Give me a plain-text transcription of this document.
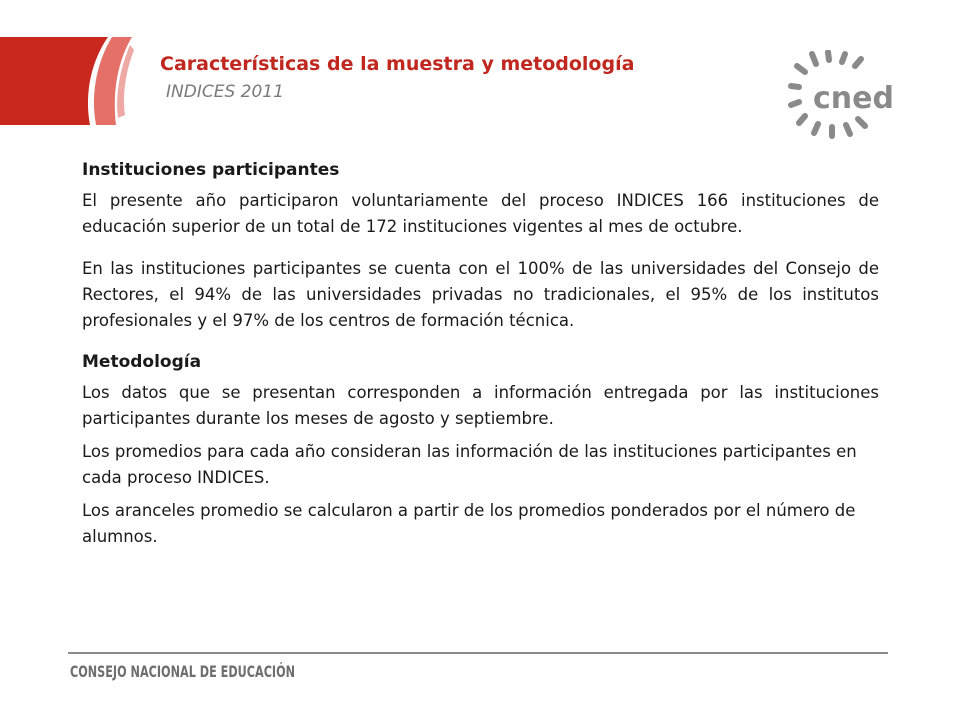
Características de la muestra y metodología
INDICES 2011	cned
Instituciones participantes

El presente año participaron voluntariamente del proceso INDICES 166 instituciones de educación superior de un total de 172 instituciones vigentes al mes de octubre.

En las instituciones participantes se cuenta con el 100% de las universidades del Consejo de Rectores, el 94% de las universidades privadas no tradicionales, el 95% de los institutos profesionales y el 97% de los centros de formación técnica.

Metodología

Los datos que se presentan corresponden a información entregada por las instituciones participantes durante los meses de agosto y septiembre.

Los promedios para cada año consideran las información de las instituciones participantes en cada proceso INDICES.

Los aranceles promedio se calcularon a partir de los promedios ponderados por el número de alumnos.

CONSEJO NACIONAL DE EDUCACIÓN
